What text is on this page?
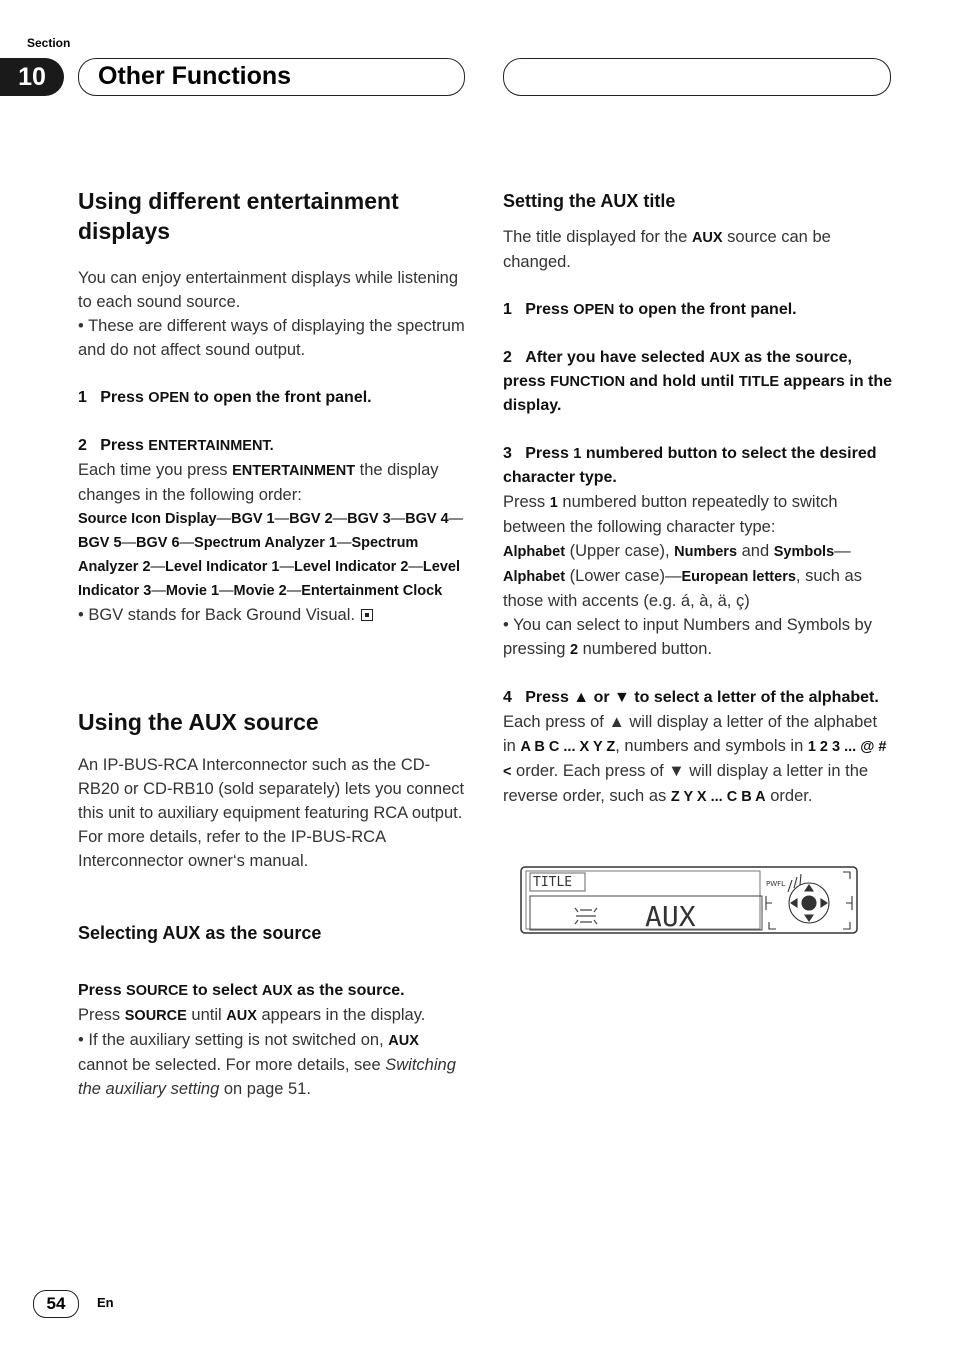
Section
10	Other Functions
Using different entertainment displays

You can enjoy entertainment displays while listening to each sound source.

• These are different ways of displaying the spectrum and do not affect sound output.

1 Press OPEN to open the front panel.

2 Press ENTERTAINMENT.

Each time you press ENTERTAINMENT the display changes in the following order:

Source Icon Display—BGV 1—BGV 2—BGV 3—BGV 4—BGV 5—BGV 6—Spectrum Analyzer 1—Spectrum Analyzer 2—Level Indicator 1—Level Indicator 2—Level Indicator 3—Movie 1—Movie 2—Entertainment Clock

• BGV stands for Back Ground Visual.

Using the AUX source

An IP-BUS-RCA Interconnector such as the CD-RB20 or CD-RB10 (sold separately) lets you connect this unit to auxiliary equipment featuring RCA output. For more details, refer to the IP-BUS-RCA Interconnector owner‘s manual.

Selecting AUX as the source

Press SOURCE to select AUX as the source.

Press SOURCE until AUX appears in the display.

• If the auxiliary setting is not switched on, AUX cannot be selected. For more details, see Switching the auxiliary setting on page 51.

Setting the AUX title

The title displayed for the AUX source can be changed.

1 Press OPEN to open the front panel.

2 After you have selected AUX as the source, press FUNCTION and hold until TITLE appears in the display.

3 Press 1 numbered button to select the desired character type.

Press 1 numbered button repeatedly to switch between the following character type:

Alphabet (Upper case), Numbers and Symbols—Alphabet (Lower case)—European letters, such as those with accents (e.g. á, à, ä, ç)

• You can select to input Numbers and Symbols by pressing 2 numbered button.

4 Press ▲ or ▼ to select a letter of the alphabet.

Each press of ▲ will display a letter of the alphabet in A B C ... X Y Z, numbers and symbols in 1 2 3 ... @ # < order. Each press of ▼ will display a letter in the reverse order, such as Z Y X ... C B A order.

TITLE
AUX
PWFL
54	En
